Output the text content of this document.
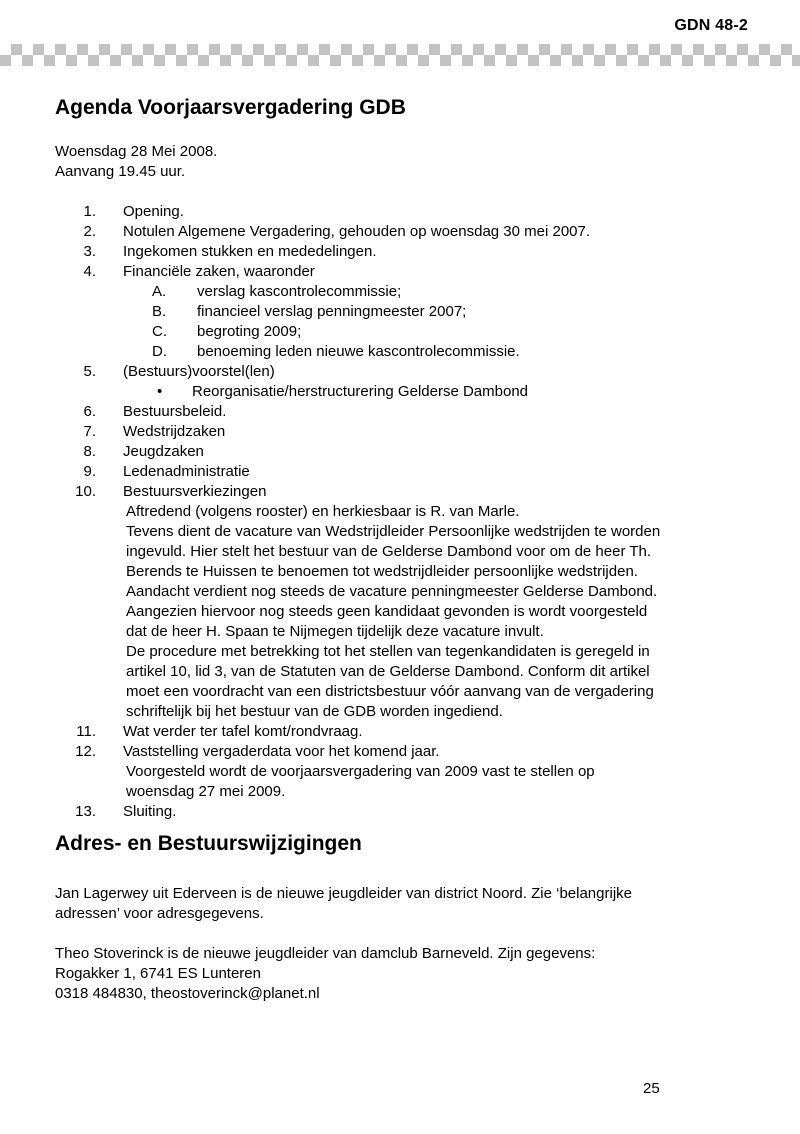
GDN 48-2
Agenda Voorjaarsvergadering GDB
Woensdag 28 Mei 2008.
Aanvang 19.45 uur.
1. Opening.
2. Notulen Algemene Vergadering, gehouden op woensdag 30 mei 2007.
3. Ingekomen stukken en mededelingen.
4. Financiële zaken, waaronder
A.	verslag kascontrolecommissie;
B.	financieel verslag penningmeester 2007;
C.	begroting 2009;
D.	benoeming leden nieuwe kascontrolecommissie.
5. (Bestuurs)voorstel(len)
• Reorganisatie/herstructurering Gelderse Dambond
6. Bestuursbeleid.
7. Wedstrijdzaken
8. Jeugdzaken
9. Ledenadministratie
10. Bestuursverkiezingen
Aftredend (volgens rooster) en herkiesbaar is R. van Marle.
Tevens dient de vacature van Wedstrijdleider Persoonlijke wedstrijden te worden
ingevuld. Hier stelt het bestuur van de Gelderse Dambond voor om de heer Th.
Berends te Huissen te benoemen tot wedstrijdleider persoonlijke wedstrijden.
Aandacht verdient nog steeds de vacature penningmeester Gelderse Dambond.
Aangezien hiervoor nog steeds geen kandidaat gevonden is wordt voorgesteld
dat de heer H. Spaan te Nijmegen tijdelijk deze vacature invult.
De procedure met betrekking tot het stellen van tegenkandidaten is geregeld in
artikel 10, lid 3, van de Statuten van de Gelderse Dambond. Conform dit artikel
moet een voordracht van een districtsbestuur vóór aanvang van de vergadering
schriftelijk bij het bestuur van de GDB worden ingediend.
11. Wat verder ter tafel komt/rondvraag.
12. Vaststelling vergaderdata voor het komend jaar.
Voorgesteld wordt de voorjaarsvergadering van 2009 vast te stellen op
woensdag 27 mei 2009.
13. Sluiting.
Adres- en Bestuurswijzigingen
Jan Lagerwey uit Ederveen is de nieuwe jeugdleider van district Noord. Zie ‘belangrijke
adressen’ voor adresgegevens.
Theo Stoverinck is de nieuwe jeugdleider van damclub Barneveld. Zijn gegevens:
Rogakker 1, 6741 ES Lunteren
0318 484830, theostoverinck@planet.nl
25
